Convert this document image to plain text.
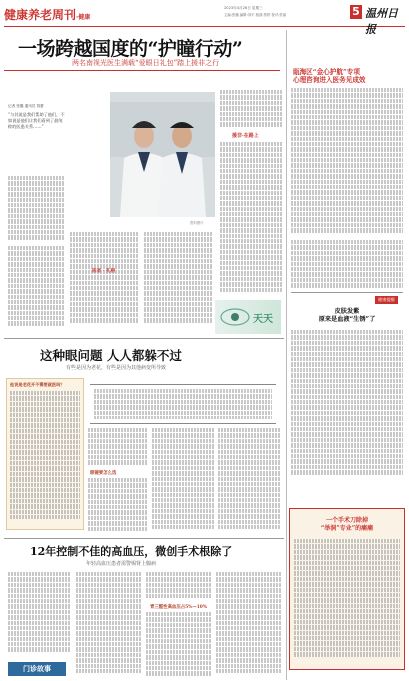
健康养老周刊·健康
2023年4月26日 星期三
主编:张璐 编辑:刘宇 版面:蔡婷 校对:张丽	5 温州日报
一场跨越国度的“护瞳行动”
两名南视光医生满载“爱眼日礼包”踏上援非之行
记者 张璐 通讯员 钱蕾
“与其说是我们帮助了他们，不如说是他们让我们看到了最纯粹的医患关系……”
资料图片
医者 · 扎根
援非·在路上
天天
瓯海区“金心护航”专项
心理咨询进入医务见成效
健康提醒
皮肤发紫
原来是血液“生锈”了
一个手术刀除掉
“举洞”专业”的痛痛
这种眼问题 人人都躲不过
有些是因为老花，有些是因为其他病变所导致
他说是老花开不需要就医吗？
眼镜要怎么选
12年控制不佳的高血压，微创手术根除了
年轻高血压患者需警惕肾上腺病
青三醛性高血压占5%—10%
门诊故事
